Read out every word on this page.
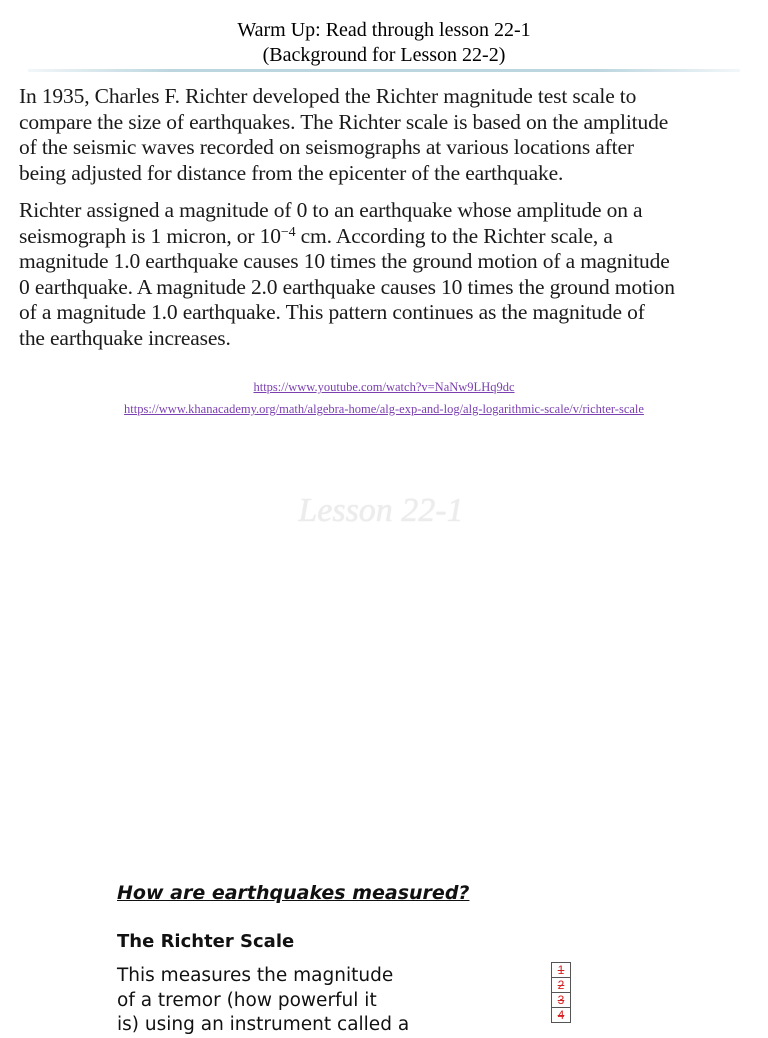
Warm Up: Read through lesson 22-1
(Background for Lesson 22-2)

In 1935, Charles F. Richter developed the Richter magnitude test scale to
compare the size of earthquakes. The Richter scale is based on the amplitude
of the seismic waves recorded on seismographs at various locations after
being adjusted for distance from the epicenter of the earthquake.

Richter assigned a magnitude of 0 to an earthquake whose amplitude on a
seismograph is 1 micron, or $10^{-4}$ cm. According to the Richter scale, a
magnitude 1.0 earthquake causes 10 times the ground motion of a magnitude
0 earthquake. A magnitude 2.0 earthquake causes 10 times the ground motion
of a magnitude 1.0 earthquake. This pattern continues as the magnitude of
the earthquake increases.

https://www.youtube.com/watch?v=NaNw9LHq9dc
https://www.khanacademy.org/math/algebra-home/alg-exp-and-log/alg-logarithmic-scale/v/richter-scale
Lesson 22-1
How are earthquakes measured?
The Richter Scale
This measures the magnitude
of a tremor (how powerful it
is) using an instrument called a
1
2
3
4
